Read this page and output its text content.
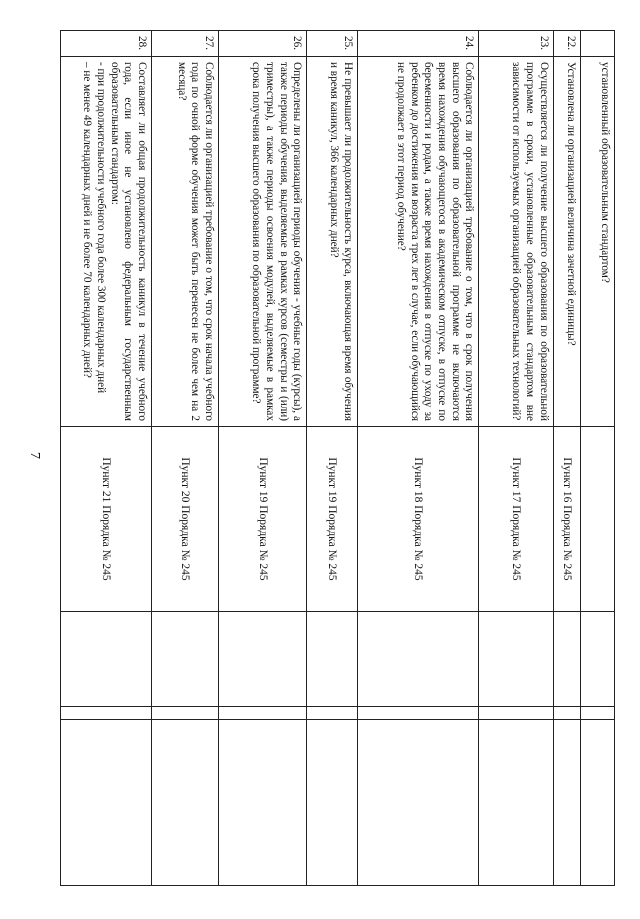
7
	установленный образовательным стандартом?				
22.	Установлена ли организацией величина зачетной единицы?	Пункт 16 Порядка № 245			
23.	Осуществляется ли получение высшего образования по образовательной программе в сроки, установленные образовательным стандартом вне зависимости от используемых организацией образовательных технологий?	Пункт 17 Порядка № 245			
24.	Соблюдается ли организацией требование о том, что в срок получения высшего образования по образовательной программе не включаются время нахождения обучающегося в академическом отпуске, в отпуске по беременности и родам, а также время нахождения в отпуске по уходу за ребенком до достижения им возраста трех лет в случае, если обучающийся не продолжает в этот период обучение?	Пункт 18 Порядка № 245			
25.	Не превышает ли продолжительность курса, включающая время обучения и время каникул, 366 календарных дней?	Пункт 19 Порядка № 245			
26.	Определены ли организацией периоды обучения - учебные годы (курсы), а также периоды обучения, выделяемые в рамках курсов (семестры и (или) триместры), а также периоды освоения модулей, выделяемые в рамках срока получения высшего образования по образовательной программе?	Пункт 19 Порядка № 245			
27.	Соблюдается ли организацией требование о том, что срок начала учебного года по очной форме обучения может быть перенесен не более чем на 2 месяца?	Пункт 20 Порядка № 245			
28.	Составляет ли общая продолжительность каникул в течение учебного года, если иное не установлено федеральным государственным образовательным стандартом:
- при продолжительности учебного года более 300 календарных дней
– не менее 49 календарных дней и не более 70 календарных дней?	Пункт 21 Порядка № 245			
